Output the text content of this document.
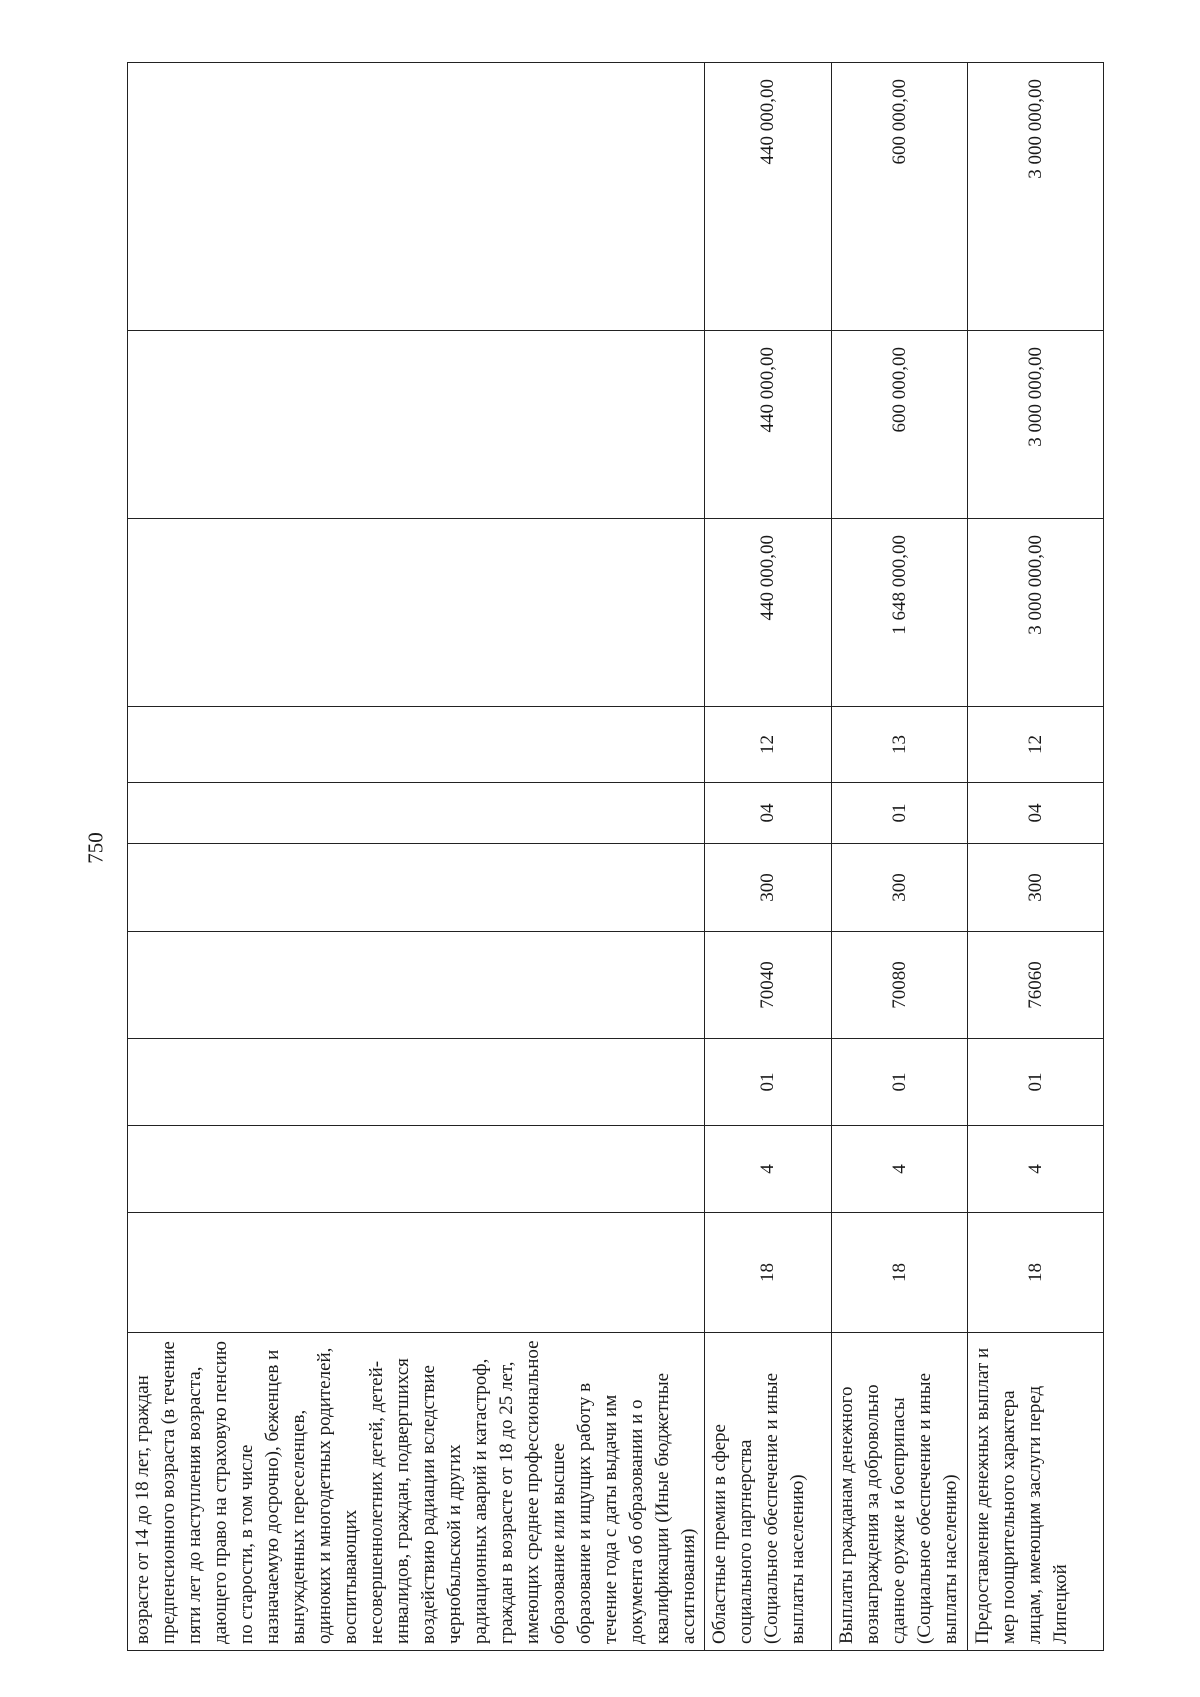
750
возрасте от 14 до 18 лет, граждан предпенсионного возраста (в течение пяти лет до наступления возраста, дающего право на страховую пенсию по старости, в том числе назначаемую досрочно), беженцев и вынужденных переселенцев, одиноких и многодетных родителей, воспитывающих несовершеннолетних детей, детей-инвалидов, граждан, подвергшихся воздействию радиации вследствие чернобыльской и других радиационных аварий и катастроф, граждан в возрасте от 18 до 25 лет, имеющих среднее профессиональное образование или высшее образование и ищущих работу в течение года с даты выдачи им документа об образовании и о квалификации (Иные бюджетные ассигнования)										
Областные премии в сфере социального партнерства (Социальное обеспечение и иные выплаты населению)	18	4	01	70040	300	04	12	440 000,00	440 000,00	440 000,00
Выплаты гражданам денежного вознаграждения за добровольно сданное оружие и боеприпасы (Социальное обеспечение и иные выплаты населению)	18	4	01	70080	300	01	13	1 648 000,00	600 000,00	600 000,00
Предоставление денежных выплат и мер поощрительного характера лицам, имеющим заслуги перед Липецкой	18	4	01	76060	300	04	12	3 000 000,00	3 000 000,00	3 000 000,00
